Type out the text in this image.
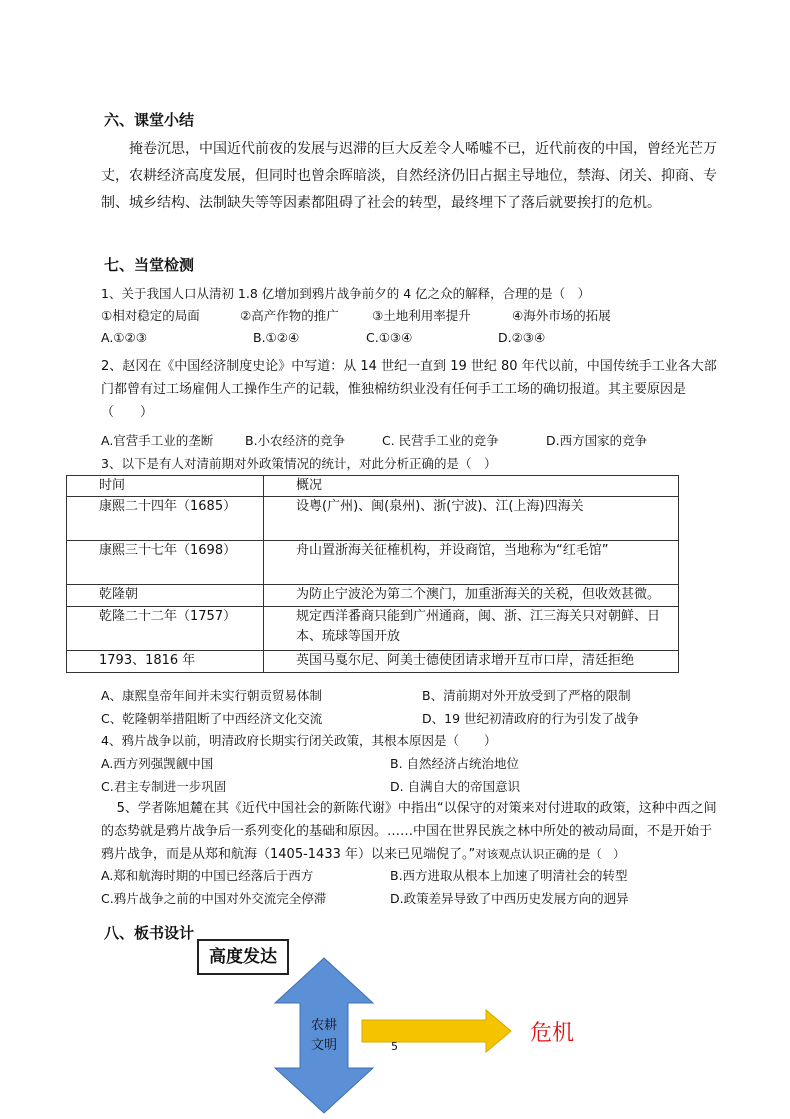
六、课堂小结
掩卷沉思，中国近代前夜的发展与迟滞的巨大反差令人唏嘘不已，近代前夜的中国，曾经光芒万丈，农耕经济高度发展，但同时也曾余晖暗淡，自然经济仍旧占据主导地位，禁海、闭关、抑商、专制、城乡结构、法制缺失等等因素都阻碍了社会的转型，最终埋下了落后就要挨打的危机。
七、当堂检测
1、关于我国人口从清初 1.8 亿增加到鸦片战争前夕的 4 亿之众的解释，合理的是（　）
①相对稳定的局面	②高产作物的推广	③土地利用率提升	④海外市场的拓展
A.①②③	B.①②④	C.①③④	D.②③④
2、赵冈在《中国经济制度史论》中写道：从 14 世纪一直到 19 世纪 80 年代以前，中国传统手工业各大部门都曾有过工场雇佣人工操作生产的记载，惟独棉纺织业没有任何手工工场的确切报道。其主要原因是（　　）
A.官营手工业的垄断	B.小农经济的竞争	C. 民营手工业的竞争	D.西方国家的竞争
3、以下是有人对清前期对外政策情况的统计，对此分析正确的是（　）
时间	概况
康熙二十四年（1685）	设粤(广州)、闽(泉州)、浙(宁波)、江(上海)四海关
康熙三十七年（1698）	舟山置浙海关征榷机构，并设商馆，当地称为“红毛馆”
乾隆朝	为防止宁波沦为第二个澳门，加重浙海关的关税，但收效甚微。
乾隆二十二年（1757）	规定西洋番商只能到广州通商，闽、浙、江三海关只对朝鲜、日本、琉球等国开放
1793、1816 年	英国马戛尔尼、阿美士德使团请求增开互市口岸，清廷拒绝
A、康熙皇帝年间并未实行朝贡贸易体制	B、清前期对外开放受到了严格的限制
C、乾隆朝举措阻断了中西经济文化交流	D、19 世纪初清政府的行为引发了战争
4、鸦片战争以前，明清政府长期实行闭关政策，其根本原因是（　　）
A.西方列强觊觎中国	B. 自然经济占统治地位
C.君主专制进一步巩固	D. 自满自大的帝国意识
5、学者陈旭麓在其《近代中国社会的新陈代谢》中指出“以保守的对策来对付进取的政策，这种中西之间的态势就是鸦片战争后一系列变化的基础和原因。……中国在世界民族之林中所处的被动局面，不是开始于鸦片战争，而是从郑和航海（1405-1433 年）以来已见端倪了。”对该观点认识正确的是（　）
A.郑和航海时期的中国已经落后于西方	B.西方进取从根本上加速了明清社会的转型
C.鸦片战争之前的中国对外交流完全停滞	D.政策差异导致了中西历史发展方向的迥异
八、板书设计
高度发达
农耕文明	危机
5
